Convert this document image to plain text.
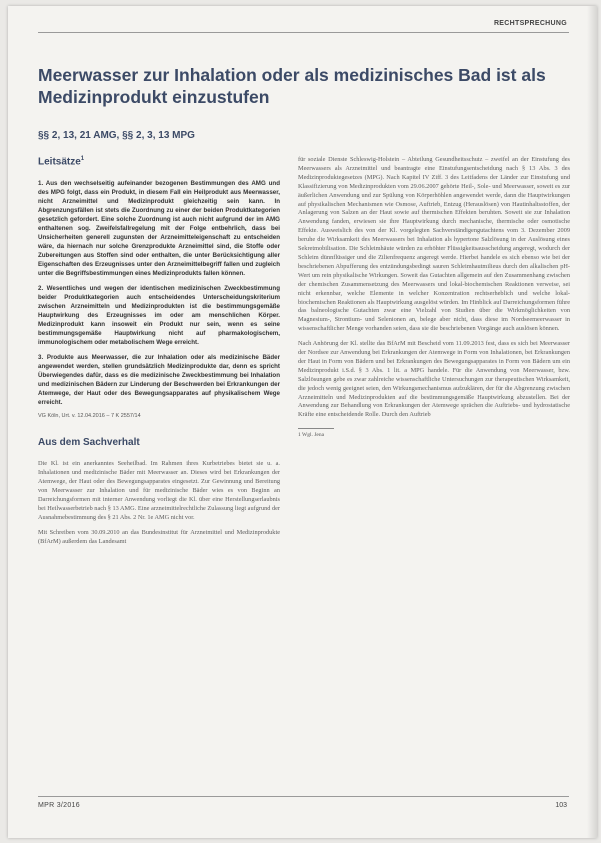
RECHTSPRECHUNG
Meerwasser zur Inhalation oder als medizinisches Bad ist als Medizinprodukt einzustufen
§§ 2, 13, 21 AMG, §§ 2, 3, 13 MPG
Leitsätze$^1$

1. Aus den wechselseitig aufeinander bezogenen Bestimmungen des AMG und des MPG folgt, dass ein Produkt, in diesem Fall ein Heilprodukt aus Meerwasser, nicht Arzneimittel und Medizinprodukt gleichzeitig sein kann. In Abgrenzungsfällen ist stets die Zuordnung zu einer der beiden Produktkategorien gesetzlich gefordert. Eine solche Zuordnung ist auch nicht aufgrund der im AMG enthaltenen sog. Zweifelsfallregelung mit der Folge entbehrlich, dass bei Unsicherheiten generell zugunsten der Arzneimitteleigenschaft zu entscheiden wäre, da hiernach nur solche Grenzprodukte Arzneimittel sind, die Stoffe oder Zubereitungen aus Stoffen sind oder enthalten, die unter Berücksichtigung aller Eigenschaften des Erzeugnisses unter den Arzneimittelbegriff fallen und zugleich unter die Begriffsbestimmungen eines Medizinprodukts fallen können.

2. Wesentliches und wegen der identischen medizinischen Zweckbestimmung beider Produktkategorien auch entscheidendes Unterscheidungskriterium zwischen Arzneimitteln und Medizinprodukten ist die bestimmungsgemäße Hauptwirkung des Erzeugnisses im oder am menschlichen Körper. Medizinprodukt kann insoweit ein Produkt nur sein, wenn es seine bestimmungsgemäße Hauptwirkung nicht auf pharmakologischem, immunologischem oder metabolischem Wege erreicht.

3. Produkte aus Meerwasser, die zur Inhalation oder als medizinische Bäder angewendet werden, stellen grundsätzlich Medizinprodukte dar, denn es spricht Überwiegendes dafür, dass es die medizinische Zweckbestimmung bei Inhalation und medizinischen Bädern zur Linderung der Beschwerden bei Erkrankungen der Atemwege, der Haut oder des Bewegungsapparates auf physikalischem Wege erreicht.

VG Köln, Urt. v. 12.04.2016 – 7 K 2557/14
Aus dem Sachverhalt

Die Kl. ist ein anerkanntes Seeheilbad. Im Rahmen ihres Kurbetriebes bietet sie u. a. Inhalationen und medizinische Bäder mit Meerwasser an. Dieses wird bei Erkrankungen der Atemwege, der Haut oder des Bewegungsapparates eingesetzt. Zur Gewinnung und Bereitung von Meerwasser zur Inhalation und für medizinische Bäder wies es von Beginn an Darreichungsformen mit interner Anwendung vorliegt die Kl. über eine Herstellungserlaubnis bei Heilwasserbetrieb nach § 13 AMG. Eine arzneimittelrechtliche Zulassung liegt aufgrund der Ausnahmebestimmung des § 21 Abs. 2 Nr. 1e AMG nicht vor.

Mit Schreiben vom 30.09.2010 an das Bundesinstitut für Arzneimittel und Medizinprodukte (BfArM) außerdem das Landesamt

für soziale Dienste Schleswig-Holstein – Abteilung Gesundheitsschutz – zweifel an der Einstufung des Meerwassers als Arzneimittel und beantragte eine Einstufungsentscheidung nach § 13 Abs. 3 des Medizinproduktegesetzes (MPG). Nach Kapitel IV Ziff. 3 des Leitfadens der Länder zur Einstufung und Klassifizierung von Medizinprodukten vom 29.06.2007 gehörte Heil-, Sole- und Meerwasser, soweit es zur äußerlichen Anwendung und zur Spülung von Körperhöhlen angewendet werde, dann die Hauptwirkungen auf physikalischen Mechanismen wie Osmose, Auftrieb, Entzug (Herauslösen) von Hautinhaltsstoffen, der Anlagerung von Salzen an der Haut sowie auf thermischen Effekten beruhten. Soweit sie zur Inhalation Anwendung fanden, erwiesen sie ihre Hauptwirkung durch mechanische, thermische oder osmotische Effekte. Ausweislich des von der Kl. vorgelegten Sachverständigengutachtens vom 3. Dezember 2009 beruhe die Wirksamkeit des Meerwassers bei Inhalation als hypertone Salzlösung in der Auslösung eines Sekretmobilisation. Die Schleimhäute würden zu erhöhter Flüssigkeitsausscheidung angeregt, wodurch der Schleim dünnflüssiger und die Zilienfrequenz angeregt werde. Hierbei handele es sich ebenso wie bei der beschriebenen Abpufferung des entzündungsbedingt sauren Schleimhautmilieus durch den alkalischen pH-Wert um rein physikalische Wirkungen. Soweit das Gutachten allgemein auf den Zusammenhang zwischen der chemischen Zusammensetzung des Meerwassers und lokal-biochemischen Reaktionen verweise, sei nicht erkennbar, welche Elemente in welcher Konzentration rechtserheblich und welche lokal-biochemischen Reaktionen als Hauptwirkung ausgelöst würden. Im Hinblick auf Darreichungsformen führe das balneologische Gutachten zwar eine Vielzahl von Studien über die Wirkmöglichkeiten von Magnesium-, Strontium- und Selenionen an, belege aber nicht, dass diese im Nordseemeerwasser in wissenschaftlicher Menge vorhanden seien, dass sie die beschriebenen Vorgänge auch auslösen können.

Nach Anhörung der Kl. stellte das BfArM mit Bescheid vom 11.09.2013 fest, dass es sich bei Meerwasser der Nordsee zur Anwendung bei Erkrankungen der Atemwege in Form von Inhalationen, bei Erkrankungen der Haut in Form von Bädern und bei Erkrankungen des Bewegungsapparates in Form von Bädern um ein Medizinprodukt i.S.d. § 3 Abs. 1 lit. a MPG handele. Für die Anwendung von Meerwasser, bzw. Salzlösungen gebe es zwar zahlreiche wissenschaftliche Untersuchungen zur therapeutischen Wirksamkeit, die jedoch wenig geeignet seien, den Wirkungsmechanismus aufzuklären, der für die Abgrenzung zwischen Arzneimitteln und Medizinprodukten auf die bestimmungsgemäße Hauptwirkung abzustellen. Bei der Anwendung zur Behandlung von Erkrankungen der Atemwege sprächen die Auftriebs- und hydrostatische Kräfte eine entscheidende Rolle. Durch den Auftrieb

1 Wgl. Jena

MPR 3/2016	103
